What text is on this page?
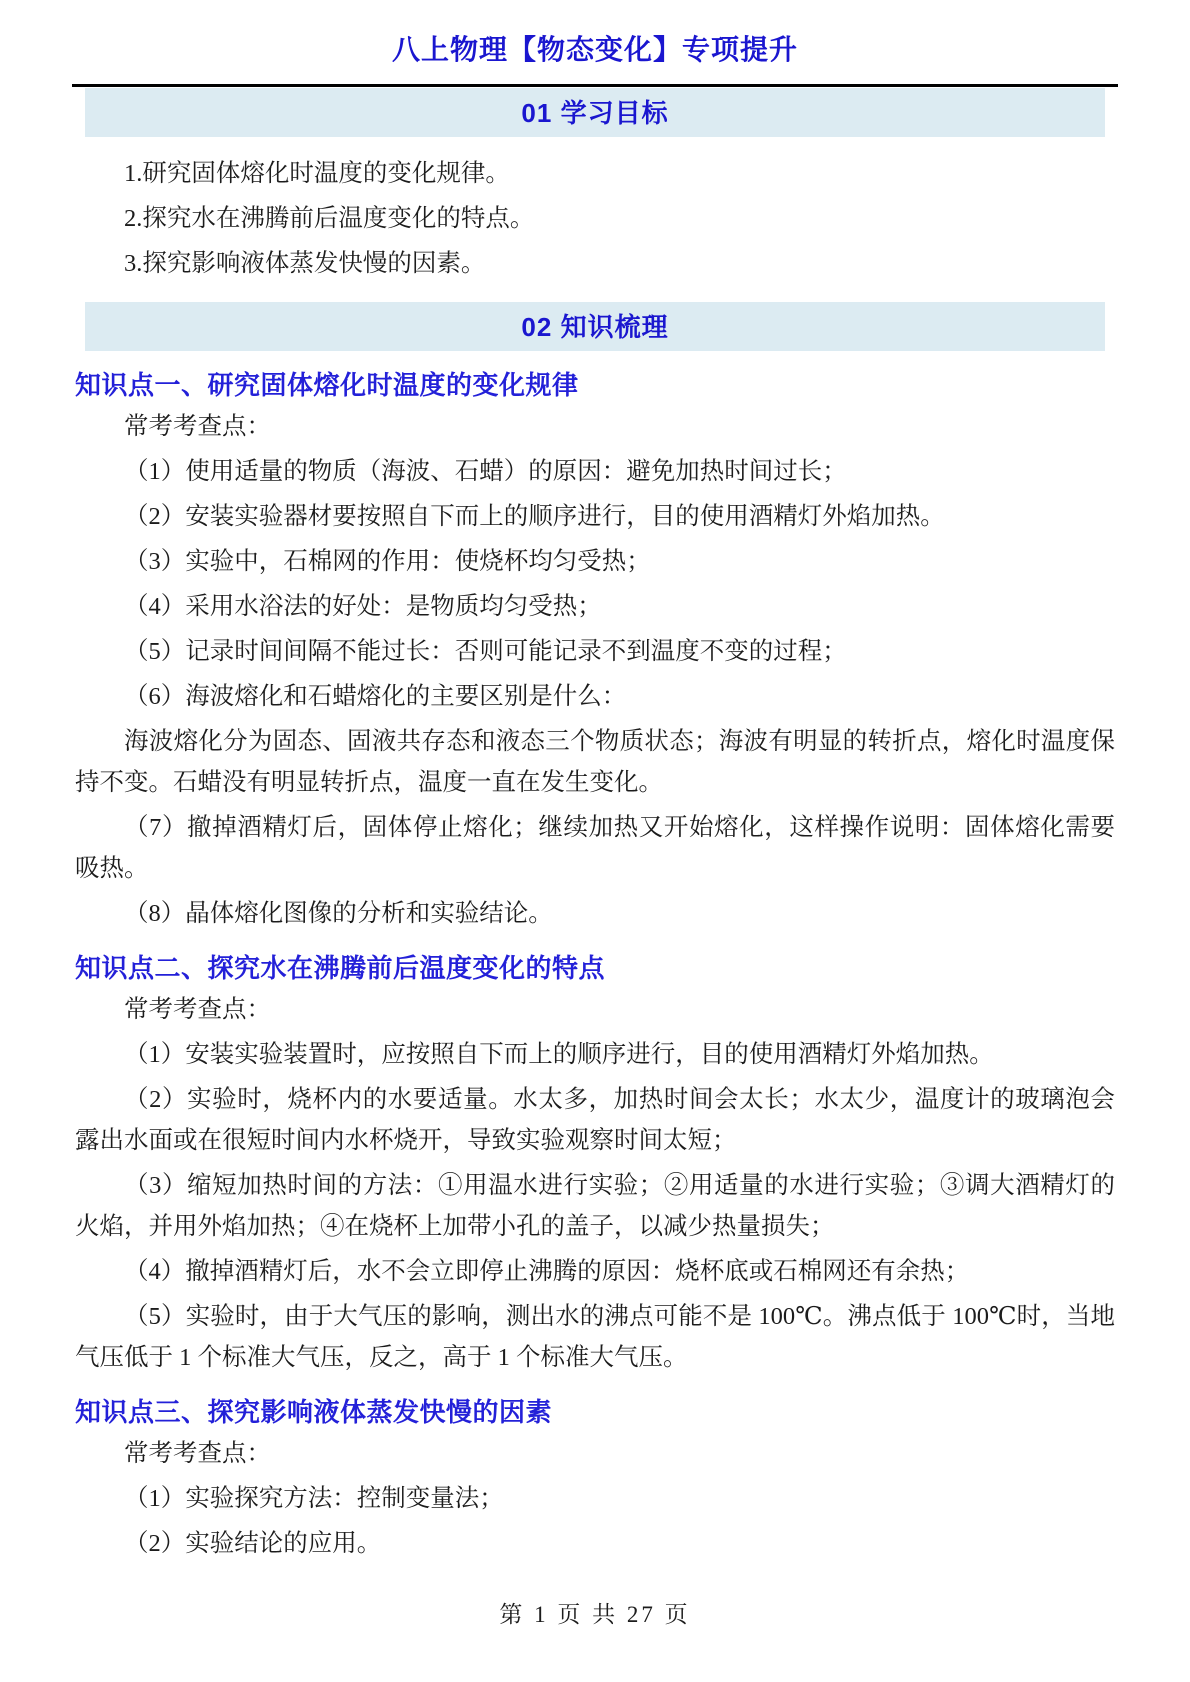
八上物理【物态变化】专项提升
01 学习目标

1.研究固体熔化时温度的变化规律。

2.探究水在沸腾前后温度变化的特点。

3.探究影响液体蒸发快慢的因素。

02 知识梳理
知识点一、研究固体熔化时温度的变化规律

常考考查点：

（1）使用适量的物质（海波、石蜡）的原因：避免加热时间过长；

（2）安装实验器材要按照自下而上的顺序进行，目的使用酒精灯外焰加热。

（3）实验中，石棉网的作用：使烧杯均匀受热；

（4）采用水浴法的好处：是物质均匀受热；

（5）记录时间间隔不能过长：否则可能记录不到温度不变的过程；

（6）海波熔化和石蜡熔化的主要区别是什么：

海波熔化分为固态、固液共存态和液态三个物质状态；海波有明显的转折点，熔化时温度保持不变。石蜡没有明显转折点，温度一直在发生变化。

（7）撤掉酒精灯后，固体停止熔化；继续加热又开始熔化，这样操作说明：固体熔化需要吸热。

（8）晶体熔化图像的分析和实验结论。

知识点二、探究水在沸腾前后温度变化的特点

常考考查点：

（1）安装实验装置时，应按照自下而上的顺序进行，目的使用酒精灯外焰加热。

（2）实验时，烧杯内的水要适量。水太多，加热时间会太长；水太少，温度计的玻璃泡会露出水面或在很短时间内水杯烧开，导致实验观察时间太短；

（3）缩短加热时间的方法：①用温水进行实验；②用适量的水进行实验；③调大酒精灯的火焰，并用外焰加热；④在烧杯上加带小孔的盖子，以减少热量损失；

（4）撤掉酒精灯后，水不会立即停止沸腾的原因：烧杯底或石棉网还有余热；

（5）实验时，由于大气压的影响，测出水的沸点可能不是 100℃。沸点低于 100℃时，当地气压低于 1 个标准大气压，反之，高于 1 个标准大气压。

知识点三、探究影响液体蒸发快慢的因素

常考考查点：

（1）实验探究方法：控制变量法；

（2）实验结论的应用。

第 1 页 共 27 页
